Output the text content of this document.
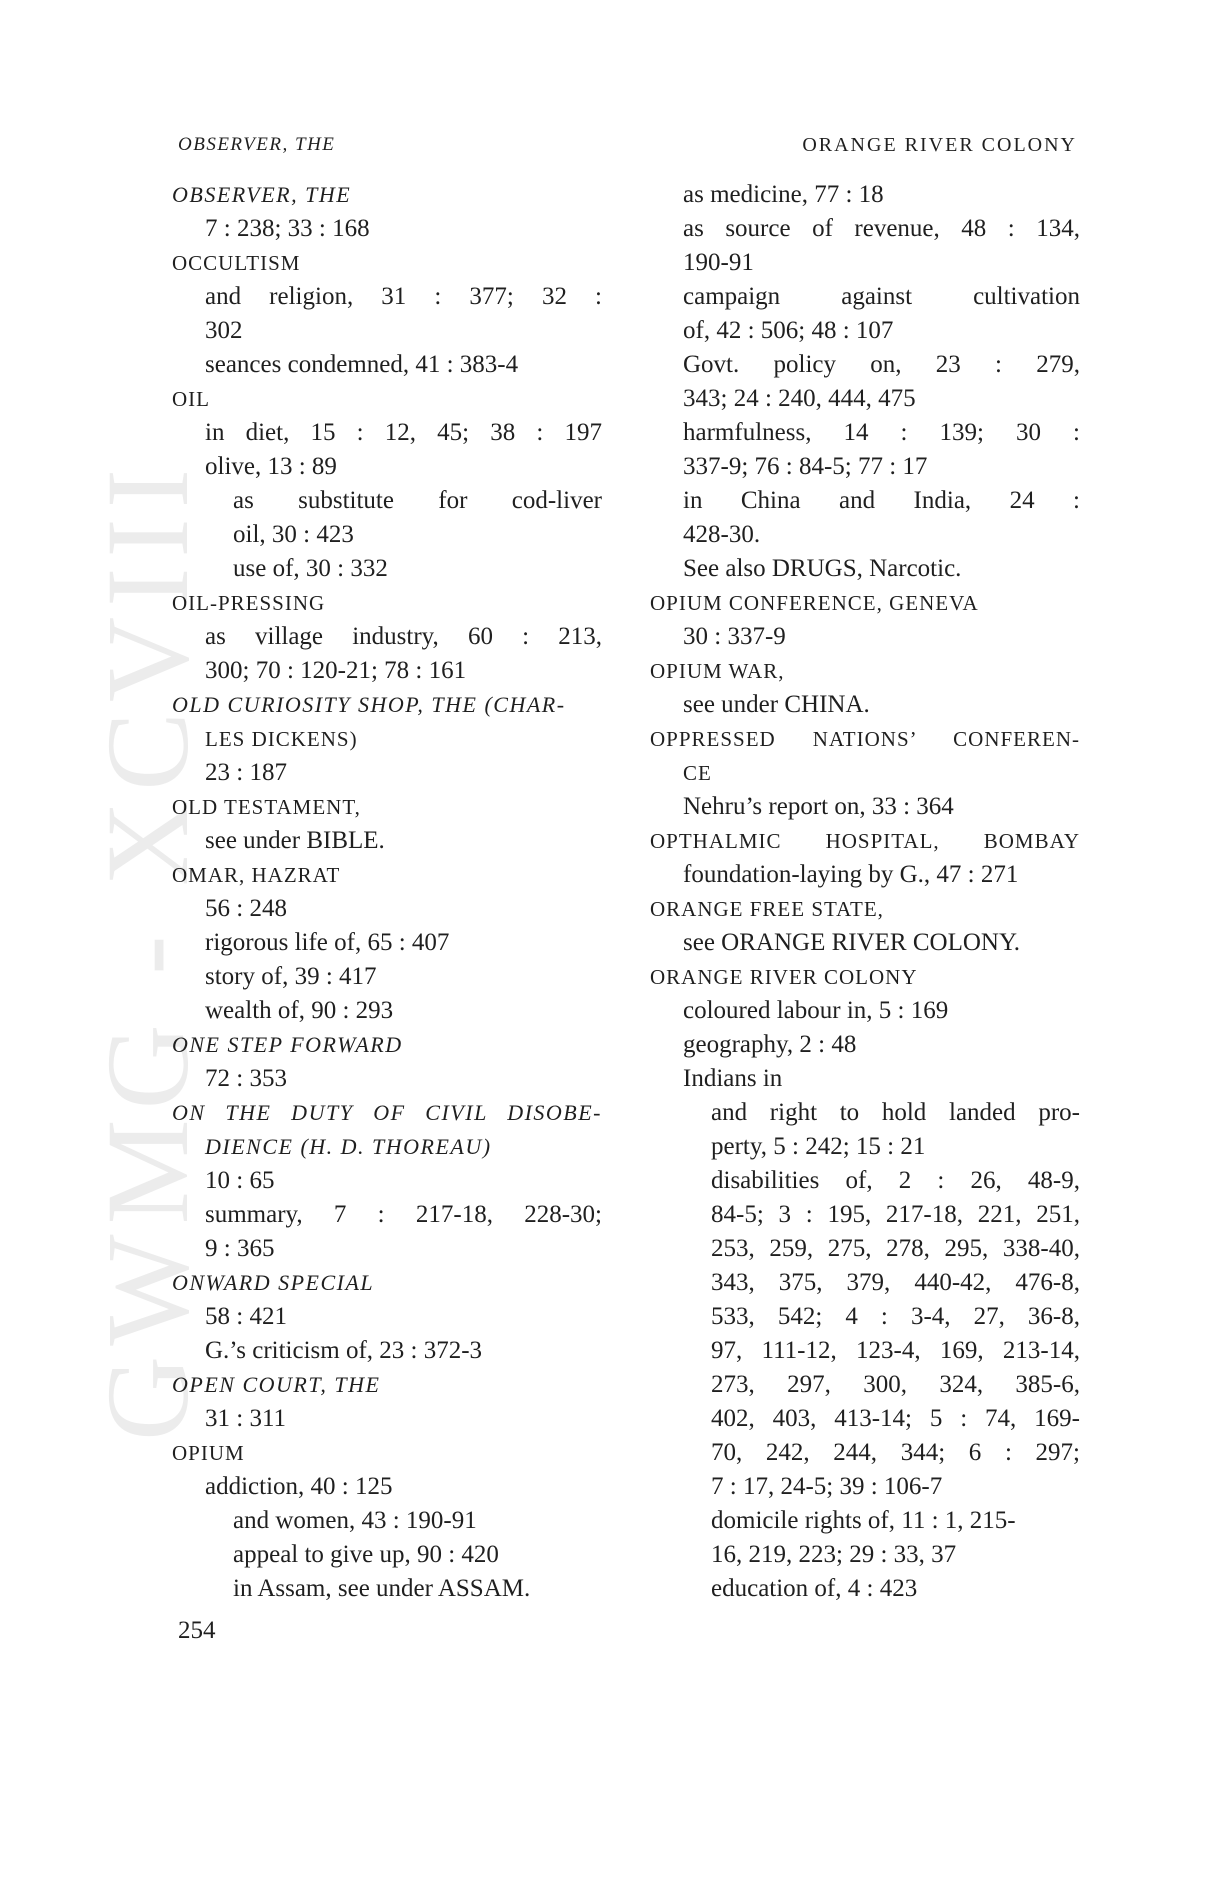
GWMG - XCVIII
OBSERVER, THE	ORANGE RIVER COLONY
OBSERVER, THE
7 : 238; 33 : 168
OCCULTISM
and religion, 31 : 377; 32 :
302
seances condemned, 41 : 383-4
OIL
in diet, 15 : 12, 45; 38 : 197
olive, 13 : 89
as substitute for cod-liver
oil, 30 : 423
use of, 30 : 332
OIL-PRESSING
as village industry, 60 : 213,
300; 70 : 120-21; 78 : 161
OLD CURIOSITY SHOP, THE (CHAR-
LES DICKENS)
23 : 187
OLD TESTAMENT,
see under BIBLE.
OMAR, HAZRAT
56 : 248
rigorous life of, 65 : 407
story of, 39 : 417
wealth of, 90 : 293
ONE STEP FORWARD
72 : 353
ON THE DUTY OF CIVIL DISOBE-
DIENCE (H. D. THOREAU)
10 : 65
summary, 7 : 217-18, 228-30;
9 : 365
ONWARD SPECIAL
58 : 421
G.’s criticism of, 23 : 372-3
OPEN COURT, THE
31 : 311
OPIUM
addiction, 40 : 125
and women, 43 : 190-91
appeal to give up, 90 : 420
in Assam, see under ASSAM.
as medicine, 77 : 18
as source of revenue, 48 : 134,
190-91
campaign against cultivation
of, 42 : 506; 48 : 107
Govt. policy on, 23 : 279,
343; 24 : 240, 444, 475
harmfulness, 14 : 139; 30 :
337-9; 76 : 84-5; 77 : 17
in China and India, 24 :
428-30.
See also DRUGS, Narcotic.
OPIUM CONFERENCE, GENEVA
30 : 337-9
OPIUM WAR,
see under CHINA.
OPPRESSED NATIONS’ CONFEREN-
CE
Nehru’s report on, 33 : 364
OPTHALMIC HOSPITAL, BOMBAY
foundation-laying by G., 47 : 271
ORANGE FREE STATE,
see ORANGE RIVER COLONY.
ORANGE RIVER COLONY
coloured labour in, 5 : 169
geography, 2 : 48
Indians in
and right to hold landed pro-
perty, 5 : 242; 15 : 21
disabilities of, 2 : 26, 48-9,
84-5; 3 : 195, 217-18, 221, 251,
253, 259, 275, 278, 295, 338-40,
343, 375, 379, 440-42, 476-8,
533, 542; 4 : 3-4, 27, 36-8,
97, 111-12, 123-4, 169, 213-14,
273, 297, 300, 324, 385-6,
402, 403, 413-14; 5 : 74, 169-
70, 242, 244, 344; 6 : 297;
7 : 17, 24-5; 39 : 106-7
domicile rights of, 11 : 1, 215-
16, 219, 223; 29 : 33, 37
education of, 4 : 423
254
